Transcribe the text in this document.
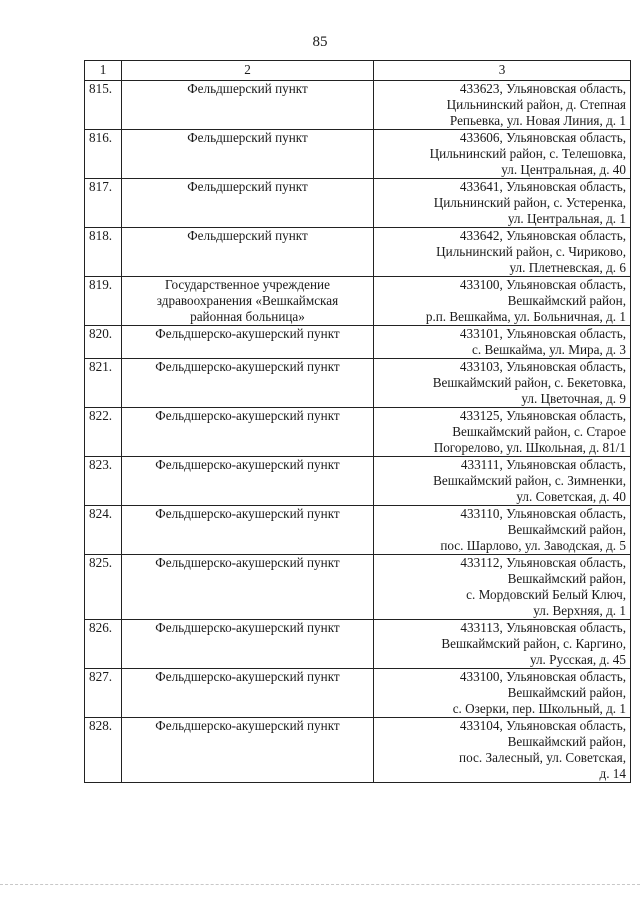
85
1	2	3
815.	Фельдшерский пункт	433623, Ульяновская область,
Цильнинский район, д. Степная
Репьевка, ул. Новая Линия, д. 1

816.	Фельдшерский пункт	433606, Ульяновская область,
Цильнинский район, с. Телешовка,
ул. Центральная, д. 40

817.	Фельдшерский пункт	433641, Ульяновская область,
Цильнинский район, с. Устеренка,
ул. Центральная, д. 1

818.	Фельдшерский пункт	433642, Ульяновская область,
Цильнинский район, с. Чириково,
ул. Плетневская, д. 6

819.	Государственное учреждение
здравоохранения «Вешкаймская
районная больница»	433100, Ульяновская область,
Вешкаймский район,
р.п. Вешкайма, ул. Больничная, д. 1

820.	Фельдшерско-акушерский пункт	433101, Ульяновская область,
с. Вешкайма, ул. Мира, д. 3

821.	Фельдшерско-акушерский пункт	433103, Ульяновская область,
Вешкаймский район, с. Бекетовка,
ул. Цветочная, д. 9

822.	Фельдшерско-акушерский пункт	433125, Ульяновская область,
Вешкаймский район, с. Старое
Погорелово, ул. Школьная, д. 81/1

823.	Фельдшерско-акушерский пункт	433111, Ульяновская область,
Вешкаймский район, с. Зимненки,
ул. Советская, д. 40

824.	Фельдшерско-акушерский пункт	433110, Ульяновская область,
Вешкаймский район,
пос. Шарлово, ул. Заводская, д. 5

825.	Фельдшерско-акушерский пункт	433112, Ульяновская область,
Вешкаймский район,
с. Мордовский Белый Ключ,
ул. Верхняя, д. 1

826.	Фельдшерско-акушерский пункт	433113, Ульяновская область,
Вешкаймский район, с. Каргино,
ул. Русская, д. 45

827.	Фельдшерско-акушерский пункт	433100, Ульяновская область,
Вешкаймский район,
с. Озерки, пер. Школьный, д. 1

828.	Фельдшерско-акушерский пункт	433104, Ульяновская область,
Вешкаймский район,
пос. Залесный, ул. Советская,
д. 14
